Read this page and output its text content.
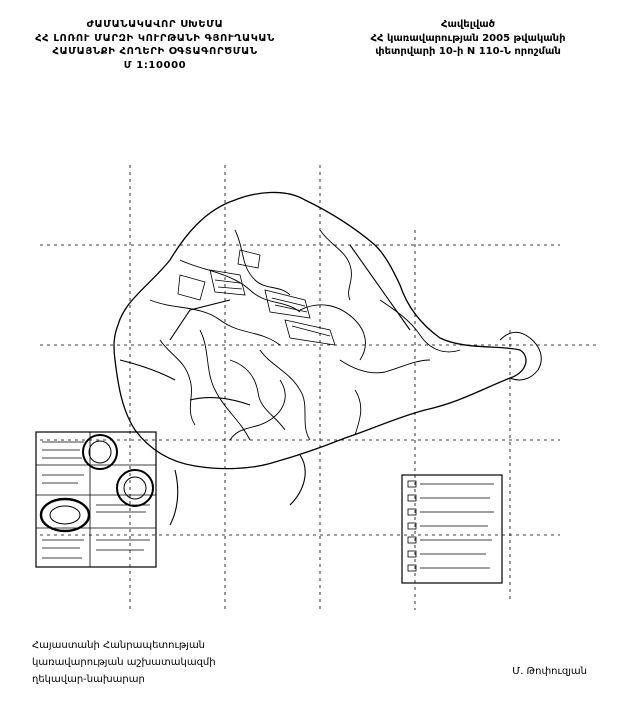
ԺԱՄԱՆԱԿԱՎՈՐ ՍԽԵՄԱ
ՀՀ ԼՈՌՈՒ ՄԱՐԶԻ ԿՈՒՐԹԱՆԻ ԳՅՈՒՂԱԿԱՆ
ՀԱՄԱՅՆՔԻ ՀՈՂԵՐԻ ՕԳՏԱԳՈՐԾՄԱՆ
Մ 1:10000
Հավելված
ՀՀ կառավարության 2005 թվականի
փետրվարի 10-ի N 110-Ն որոշման
Հայաստանի Հանրապետության
կառավարության աշխատակազմի
ղեկավար-նախարար
Մ. Թոփուզյան
